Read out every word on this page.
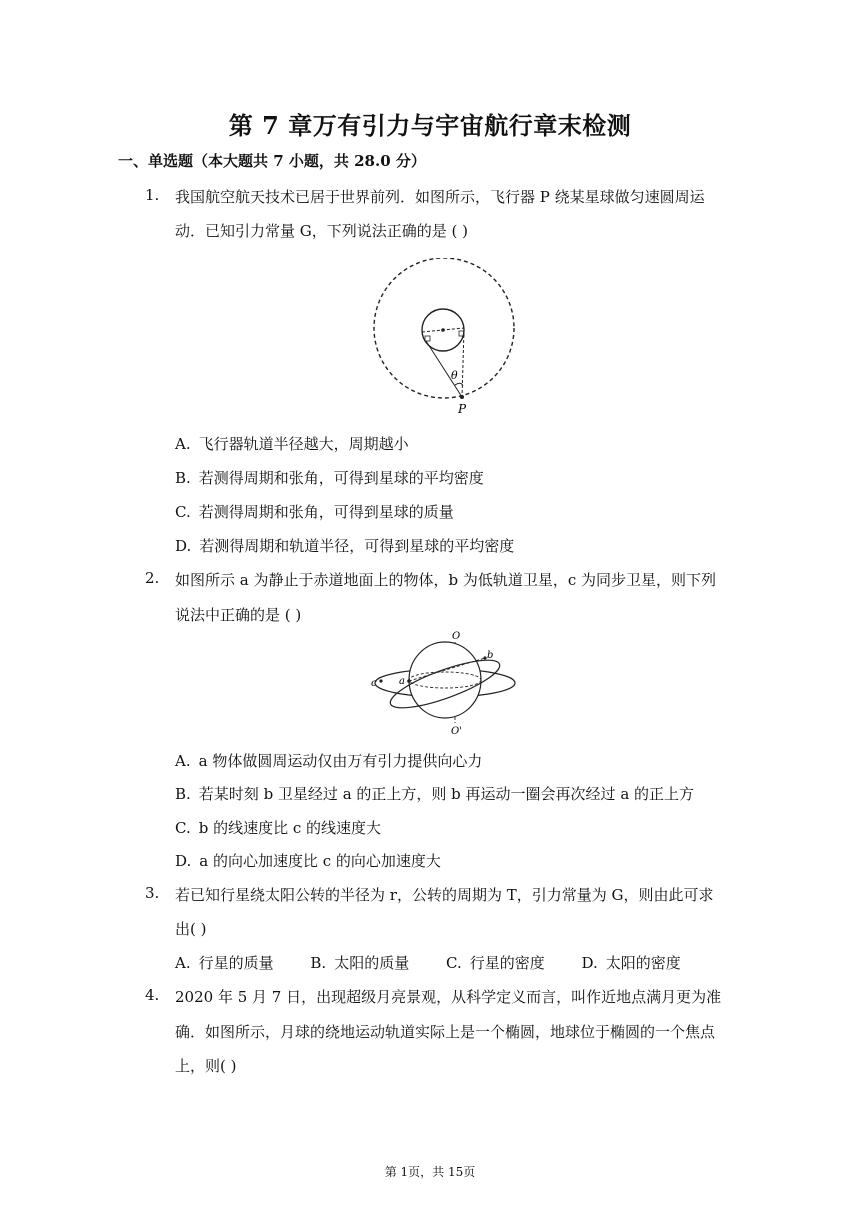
第 7 章万有引力与宇宙航行章末检测
一、单选题（本大题共 7 小题，共 28.0 分）
1. 我国航空航天技术已居于世界前列．如图所示，飞行器 P 绕某星球做匀速圆周运
动．已知引力常量 G，下列说法正确的是 ( )
θ
P
A. 飞行器轨道半径越大，周期越小
B. 若测得周期和张角，可得到星球的平均密度
C. 若测得周期和张角，可得到星球的质量
D. 若测得周期和轨道半径，可得到星球的平均密度
2. 如图所示 a 为静止于赤道地面上的物体，b 为低轨道卫星，c 为同步卫星，则下列
说法中正确的是 ( )
O
O'
a
b
c
A. a 物体做圆周运动仅由万有引力提供向心力
B. 若某时刻 b 卫星经过 a 的正上方，则 b 再运动一圈会再次经过 a 的正上方
C. b 的线速度比 c 的线速度大
D. a 的向心加速度比 c 的向心加速度大
3. 若已知行星绕太阳公转的半径为 r，公转的周期为 T，引力常量为 G，则由此可求
出( )
A. 行星的质量 B. 太阳的质量 C. 行星的密度 D. 太阳的密度
4. 2020 年 5 月 7 日，出现超级月亮景观，从科学定义而言，叫作近地点满月更为准
确．如图所示，月球的绕地运动轨道实际上是一个椭圆，地球位于椭圆的一个焦点
上，则( )
第 1页，共 15页
